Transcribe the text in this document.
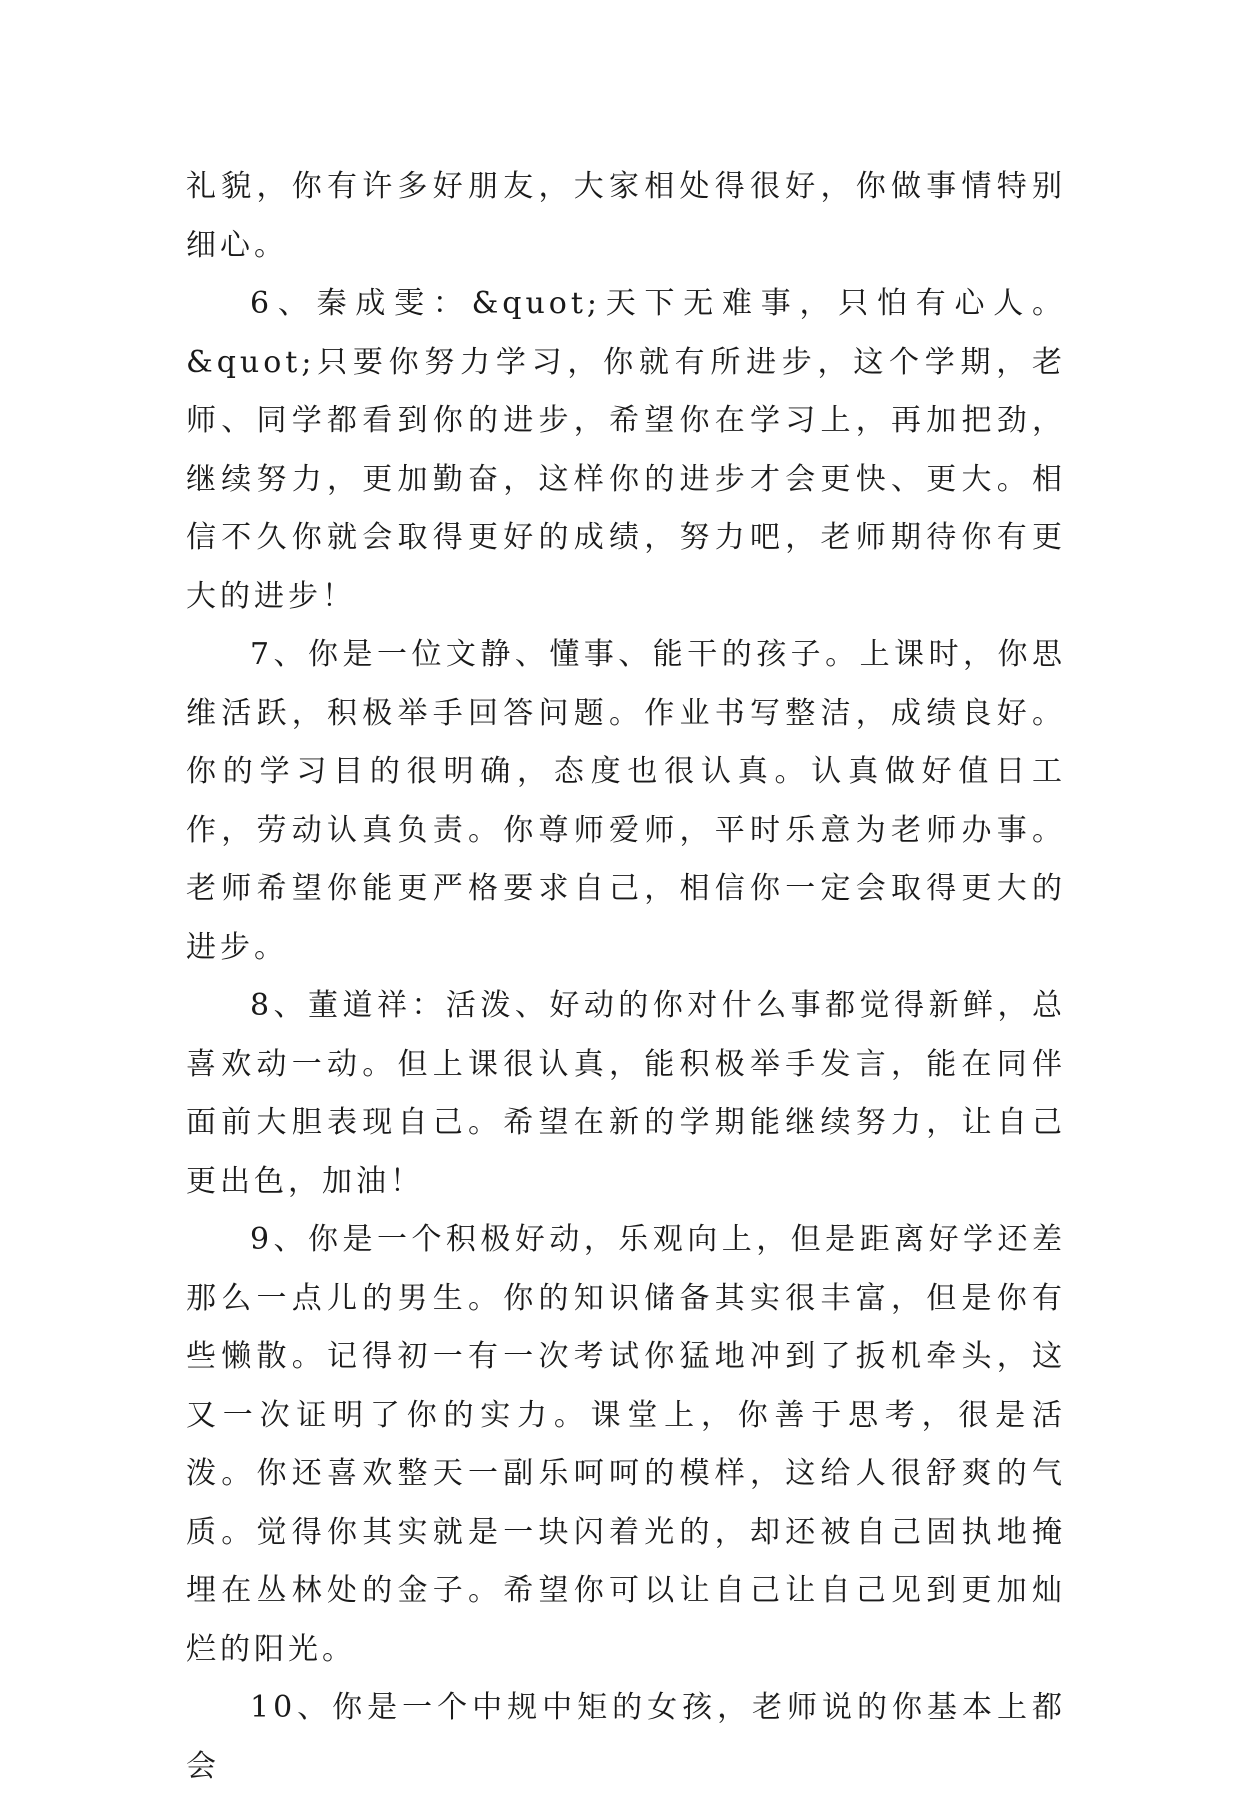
礼貌，你有许多好朋友，大家相处得很好，你做事情特别细心。

6、秦成雯：&quot;天下无难事，只怕有心人。&quot;只要你努力学习，你就有所进步，这个学期，老师、同学都看到你的进步，希望你在学习上，再加把劲，继续努力，更加勤奋，这样你的进步才会更快、更大。相信不久你就会取得更好的成绩，努力吧，老师期待你有更大的进步！

7、你是一位文静、懂事、能干的孩子。上课时，你思维活跃，积极举手回答问题。作业书写整洁，成绩良好。你的学习目的很明确，态度也很认真。认真做好值日工作，劳动认真负责。你尊师爱师，平时乐意为老师办事。老师希望你能更严格要求自己，相信你一定会取得更大的进步。

8、董道祥：活泼、好动的你对什么事都觉得新鲜，总喜欢动一动。但上课很认真，能积极举手发言，能在同伴面前大胆表现自己。希望在新的学期能继续努力，让自己更出色，加油！

9、你是一个积极好动，乐观向上，但是距离好学还差那么一点儿的男生。你的知识储备其实很丰富，但是你有些懒散。记得初一有一次考试你猛地冲到了扳机牵头，这又一次证明了你的实力。课堂上，你善于思考，很是活泼。你还喜欢整天一副乐呵呵的模样，这给人很舒爽的气质。觉得你其实就是一块闪着光的，却还被自己固执地掩埋在丛林处的金子。希望你可以让自己让自己见到更加灿烂的阳光。

10、你是一个中规中矩的女孩，老师说的你基本上都会
